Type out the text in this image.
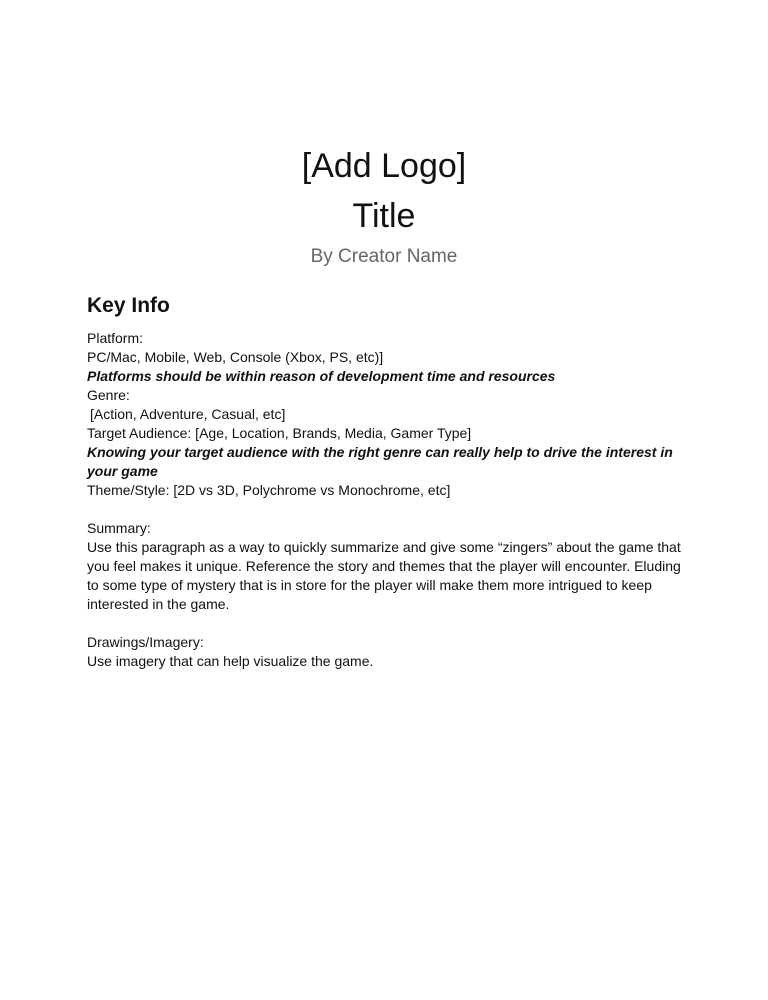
[Add Logo]
Title
By Creator Name
Key Info
Platform:
PC/Mac, Mobile, Web, Console (Xbox, PS, etc)]
Platforms should be within reason of development time and resources
Genre:
[Action, Adventure, Casual, etc]
Target Audience: [Age, Location, Brands, Media, Gamer Type]
Knowing your target audience with the right genre can really help to drive the interest in your game
Theme/Style: [2D vs 3D, Polychrome vs Monochrome, etc]
Summary:
Use this paragraph as a way to quickly summarize and give some “zingers” about the game that you feel makes it unique. Reference the story and themes that the player will encounter. Eluding to some type of mystery that is in store for the player will make them more intrigued to keep interested in the game.
Drawings/Imagery:
Use imagery that can help visualize the game.
